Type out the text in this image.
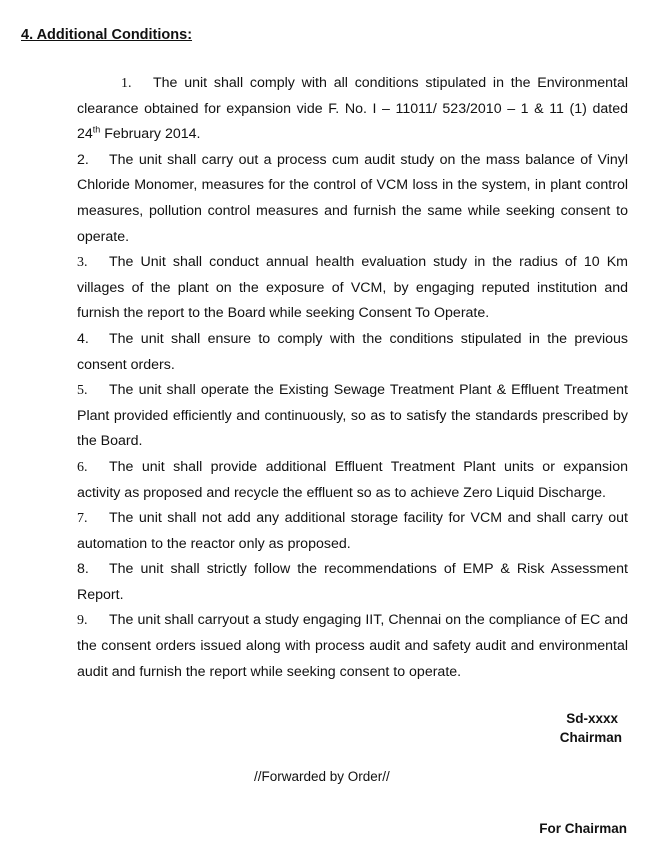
4. Additional Conditions:

1. The unit shall comply with all conditions stipulated in the Environmental clearance obtained for expansion vide F. No. I – 11011/ 523/2010 – 1 & 11 (1) dated 24th February 2014.

2. The unit shall carry out a process cum audit study on the mass balance of Vinyl Chloride Monomer, measures for the control of VCM loss in the system, in plant control measures, pollution control measures and furnish the same while seeking consent to operate.

3. The Unit shall conduct annual health evaluation study in the radius of 10 Km villages of the plant on the exposure of VCM, by engaging reputed institution and furnish the report to the Board while seeking Consent To Operate.

4. The unit shall ensure to comply with the conditions stipulated in the previous consent orders.

5. The unit shall operate the Existing Sewage Treatment Plant & Effluent Treatment Plant provided efficiently and continuously, so as to satisfy the standards prescribed by the Board.

6. The unit shall provide additional Effluent Treatment Plant units or expansion activity as proposed and recycle the effluent so as to achieve Zero Liquid Discharge.

7. The unit shall not add any additional storage facility for VCM and shall carry out automation to the reactor only as proposed.

8. The unit shall strictly follow the recommendations of EMP & Risk Assessment Report.

9. The unit shall carryout a study engaging IIT, Chennai on the compliance of EC and the consent orders issued along with process audit and safety audit and environmental audit and furnish the report while seeking consent to operate.

Sd-xxxx
Chairman
//Forwarded by Order//
For Chairman
